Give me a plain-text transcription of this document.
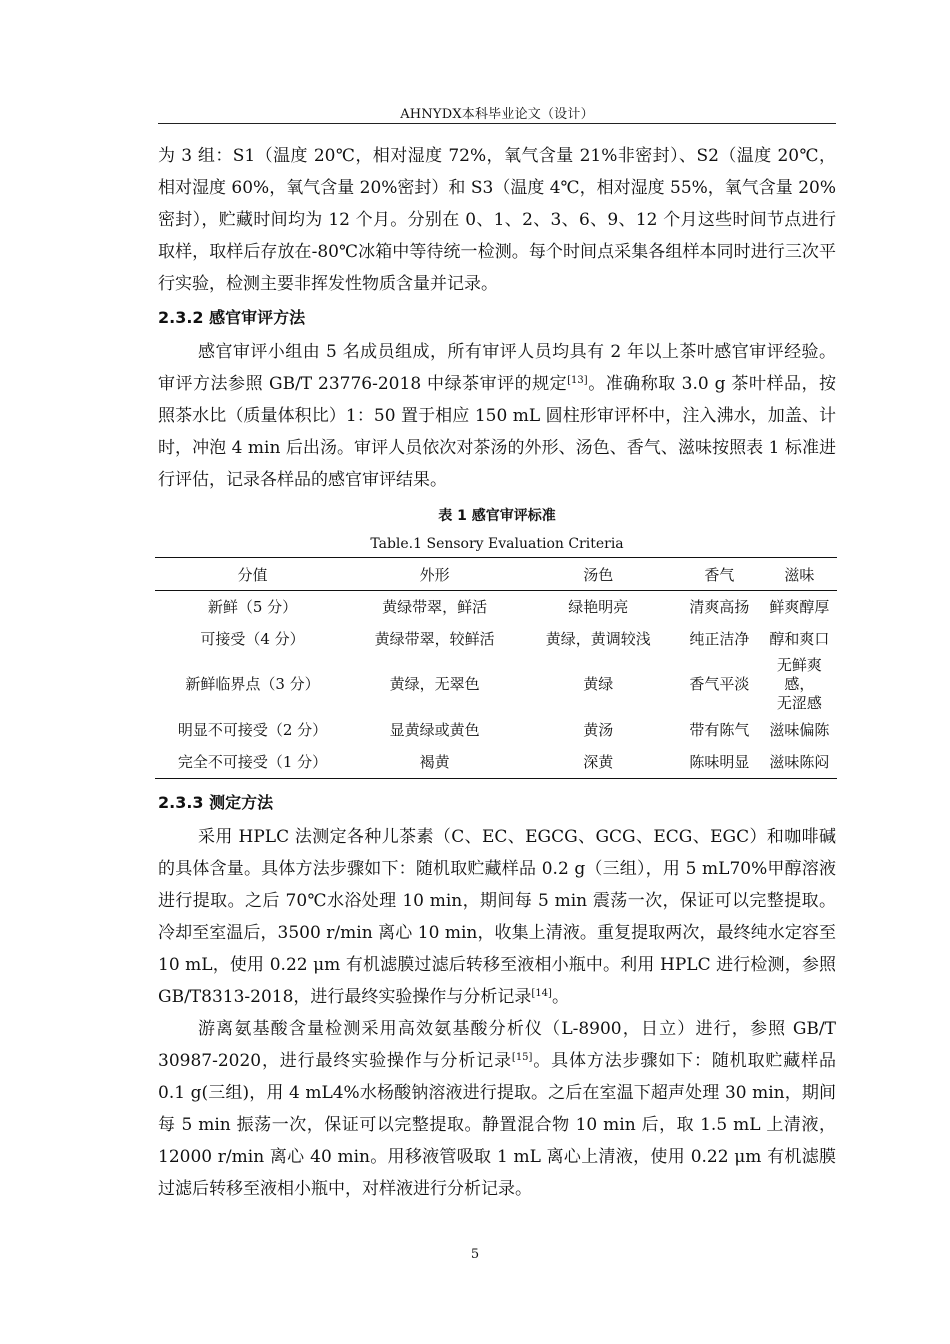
AHNYDX本科毕业论文（设计）

为 3 组：S1（温度 20℃，相对湿度 72%，氧气含量 21%非密封）、S2（温度 20℃，相对湿度 60%，氧气含量 20%密封）和 S3（温度 4℃，相对湿度 55%，氧气含量 20%密封），贮藏时间均为 12 个月。分别在 0、1、2、3、6、9、12 个月这些时间节点进行取样，取样后存放在-80℃冰箱中等待统一检测。每个时间点采集各组样本同时进行三次平行实验，检测主要非挥发性物质含量并记录。

2.3.2 感官审评方法

感官审评小组由 5 名成员组成，所有审评人员均具有 2 年以上茶叶感官审评经验。审评方法参照 GB/T 23776-2018 中绿茶审评的规定[13]。准确称取 3.0 g 茶叶样品，按照茶水比（质量体积比）1：50 置于相应 150 mL 圆柱形审评杯中，注入沸水，加盖、计时，冲泡 4 min 后出汤。审评人员依次对茶汤的外形、汤色、香气、滋味按照表 1 标准进行评估，记录各样品的感官审评结果。

表 1 感官审评标准
Table.1 Sensory Evaluation Criteria
分值	外形	汤色	香气	滋味
新鲜（5 分）	黄绿带翠，鲜活	绿艳明亮	清爽高扬	鲜爽醇厚
可接受（4 分）	黄绿带翠，较鲜活	黄绿，黄调较浅	纯正洁净	醇和爽口
新鲜临界点（3 分）	黄绿，无翠色	黄绿	香气平淡	无鲜爽感，
无涩感
明显不可接受（2 分）	显黄绿或黄色	黄汤	带有陈气	滋味偏陈
完全不可接受（1 分）	褐黄	深黄	陈味明显	滋味陈闷
2.3.3 测定方法

采用 HPLC 法测定各种儿茶素（C、EC、EGCG、GCG、ECG、EGC）和咖啡碱的具体含量。具体方法步骤如下：随机取贮藏样品 0.2 g（三组），用 5 mL70%甲醇溶液进行提取。之后 70℃水浴处理 10 min，期间每 5 min 震荡一次，保证可以完整提取。冷却至室温后，3500 r/min 离心 10 min，收集上清液。重复提取两次，最终纯水定容至 10 mL，使用 0.22 μm 有机滤膜过滤后转移至液相小瓶中。利用 HPLC 进行检测，参照 GB/T8313-2018，进行最终实验操作与分析记录[14]。

游离氨基酸含量检测采用高效氨基酸分析仪（L-8900，日立）进行，参照 GB/T 30987-2020，进行最终实验操作与分析记录[15]。具体方法步骤如下：随机取贮藏样品 0.1 g(三组)，用 4 mL4%水杨酸钠溶液进行提取。之后在室温下超声处理 30 min，期间每 5 min 振荡一次，保证可以完整提取。静置混合物 10 min 后，取 1.5 mL 上清液，12000 r/min 离心 40 min。用移液管吸取 1 mL 离心上清液，使用 0.22 μm 有机滤膜过滤后转移至液相小瓶中，对样液进行分析记录。

5
